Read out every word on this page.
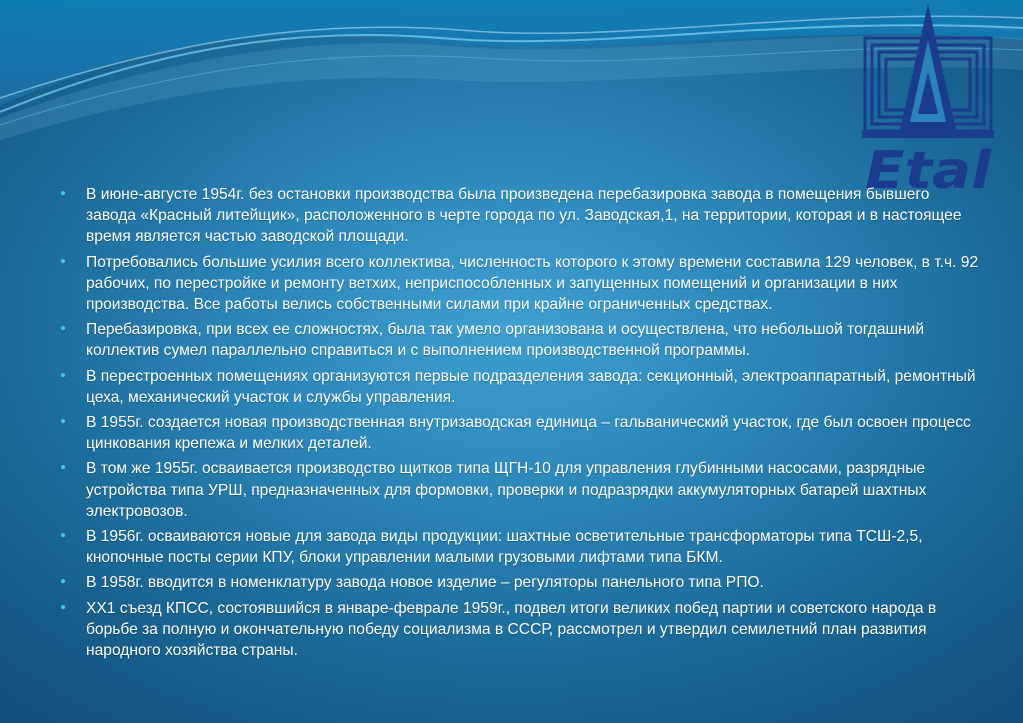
Etal
● В июне-августе 1954г. без остановки производства была произведена перебазировка завода в помещения бывшего завода «Красный литейщик», расположенного в черте города по ул. Заводская,1, на территории, которая и в настоящее время является частью заводской площади.
● Потребовались большие усилия всего коллектива, численность которого к этому времени составила 129 человек, в т.ч. 92 рабочих, по перестройке и ремонту ветхих, неприспособленных и запущенных помещений и организации в них производства. Все работы велись собственными силами при крайне ограниченных средствах.
● Перебазировка, при всех ее сложностях, была так умело организована и осуществлена, что небольшой тогдашний коллектив сумел параллельно справиться и с выполнением производственной программы.
● В перестроенных помещениях организуются первые подразделения завода: секционный, электроаппаратный, ремонтный цеха, механический участок и службы управления.
● В 1955г. создается новая производственная внутризаводская единица – гальванический участок, где был освоен процесс цинкования крепежа и мелких деталей.
● В том же 1955г. осваивается производство щитков типа ЩГН-10 для управления глубинными насосами, разрядные устройства типа УРШ, предназначенных для формовки, проверки и подразрядки аккумуляторных батарей шахтных электровозов.
● В 1956г. осваиваются новые для завода виды продукции: шахтные осветительные трансформаторы типа ТСШ-2,5, кнопочные посты серии КПУ, блоки управлении малыми грузовыми лифтами типа БКМ.
● В 1958г. вводится в номенклатуру завода новое изделие – регуляторы панельного типа РПО.
● XX1 съезд КПСС, состоявшийся в январе-феврале 1959г., подвел итоги великих побед партии и советского народа в борьбе за полную и окончательную победу социализма в СССР, рассмотрел и утвердил семилетний план развития народного хозяйства страны.
